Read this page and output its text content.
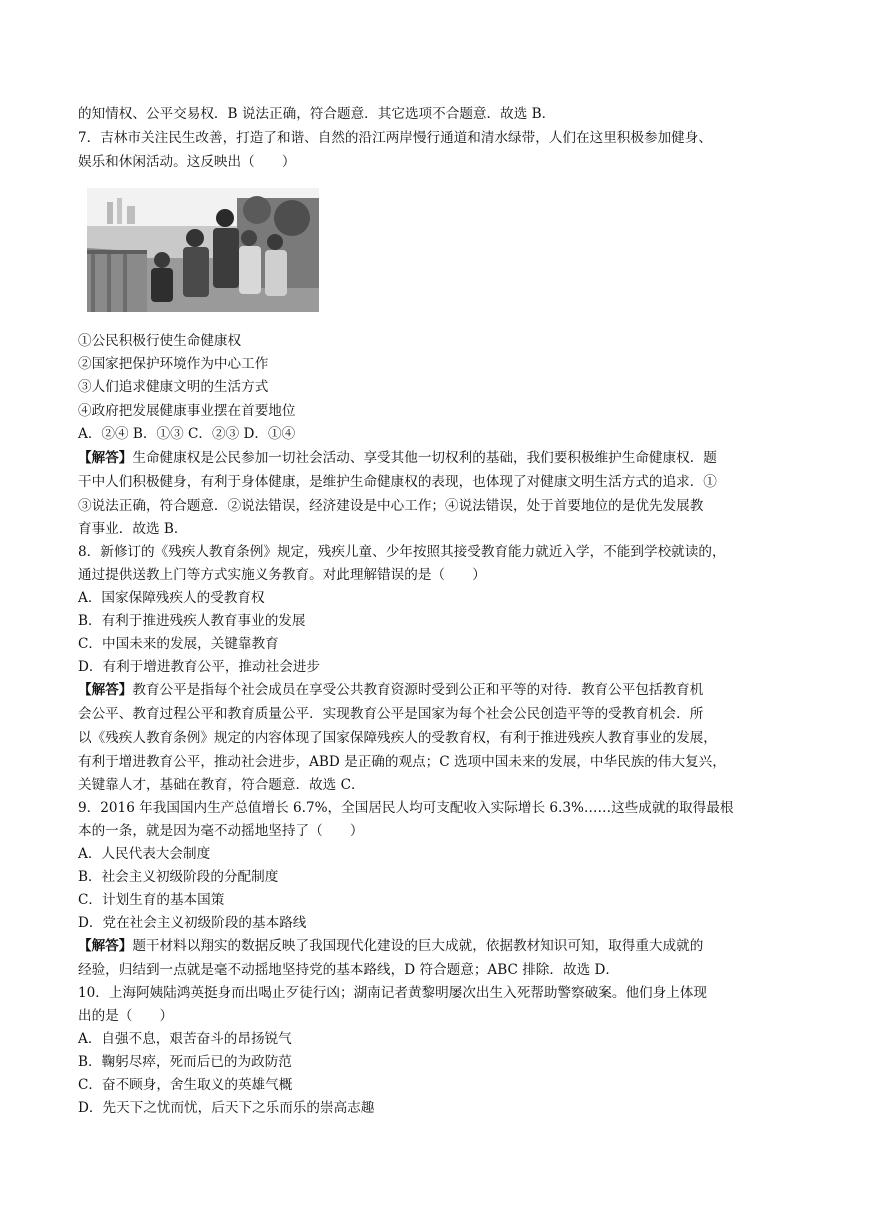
的知情权、公平交易权．B 说法正确，符合题意．其它选项不合题意．故选 B．
7．吉林市关注民生改善，打造了和谐、自然的沿江两岸慢行通道和清水绿带，人们在这里积极参加健身、
娱乐和休闲活动。这反映出（　　）
①公民积极行使生命健康权
②国家把保护环境作为中心工作
③人们追求健康文明的生活方式
④政府把发展健康事业摆在首要地位
A．②④ B．①③ C．②③ D．①④
【解答】生命健康权是公民参加一切社会活动、享受其他一切权利的基础，我们要积极维护生命健康权．题
干中人们积极健身，有利于身体健康，是维护生命健康权的表现，也体现了对健康文明生活方式的追求．①
③说法正确，符合题意．②说法错误，经济建设是中心工作；④说法错误，处于首要地位的是优先发展教
育事业．故选 B．
8．新修订的《残疾人教育条例》规定，残疾儿童、少年按照其接受教育能力就近入学，不能到学校就读的，
通过提供送教上门等方式实施义务教育。对此理解错误的是（　　）
A．国家保障残疾人的受教育权
B．有利于推进残疾人教育事业的发展
C．中国未来的发展，关键靠教育
D．有利于增进教育公平，推动社会进步
【解答】教育公平是指每个社会成员在享受公共教育资源时受到公正和平等的对待．教育公平包括教育机
会公平、教育过程公平和教育质量公平．实现教育公平是国家为每个社会公民创造平等的受教育机会．所
以《残疾人教育条例》规定的内容体现了国家保障残疾人的受教育权，有利于推进残疾人教育事业的发展，
有利于增进教育公平，推动社会进步，ABD 是正确的观点；C 选项中国未来的发展，中华民族的伟大复兴，
关键靠人才，基础在教育，符合题意．故选 C．
9．2016 年我国国内生产总值增长 6.7%，全国居民人均可支配收入实际增长 6.3%……这些成就的取得最根
本的一条，就是因为毫不动摇地坚持了（　　）
A．人民代表大会制度
B．社会主义初级阶段的分配制度
C．计划生育的基本国策
D．党在社会主义初级阶段的基本路线
【解答】题干材料以翔实的数据反映了我国现代化建设的巨大成就，依据教材知识可知，取得重大成就的
经验，归结到一点就是毫不动摇地坚持党的基本路线，D 符合题意；ABC 排除．故选 D．
10．上海阿姨陆鸿英挺身而出喝止歹徒行凶；湖南记者黄黎明屡次出生入死帮助警察破案。他们身上体现
出的是（　　）
A．自强不息，艰苦奋斗的昂扬锐气
B．鞠躬尽瘁，死而后已的为政防范
C．奋不顾身，舍生取义的英雄气概
D．先天下之忧而忧，后天下之乐而乐的崇高志趣
